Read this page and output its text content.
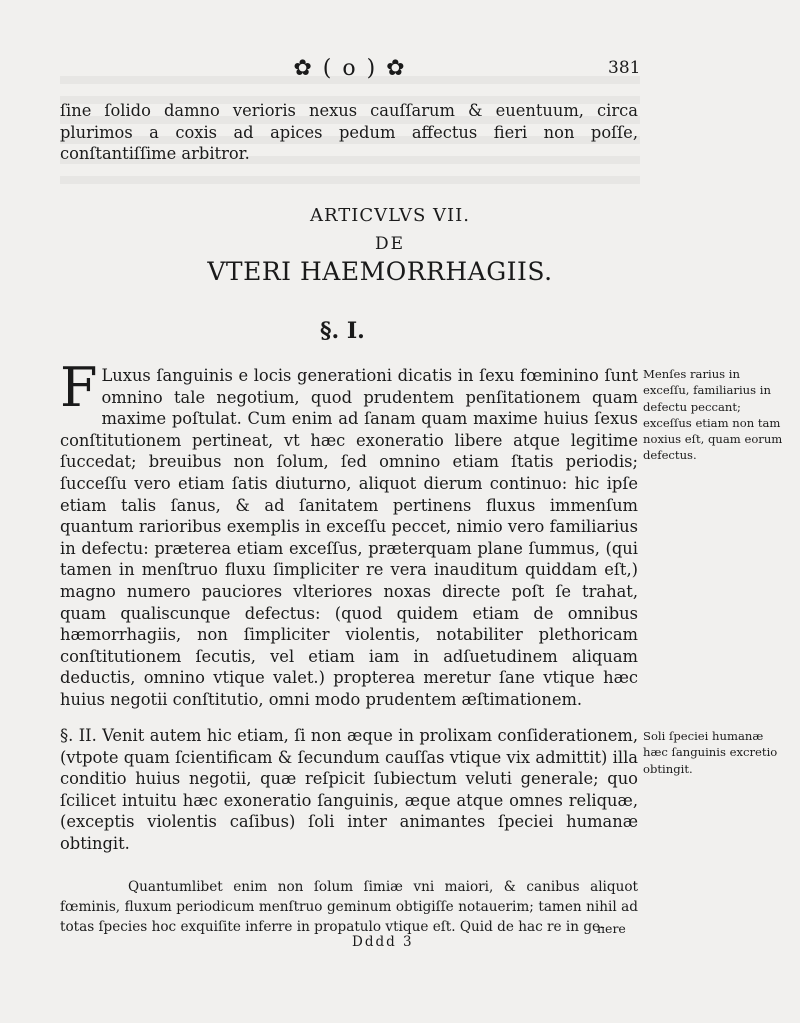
✿ ( o ) ✿	381

ſine ſolido damno verioris nexus cauſſarum & euentuum, circa plurimos a coxis ad apices pedum affectus fieri non poſſe, conſtantiſſime arbitror.

ARTICVLVS VII.
DE
VTERI HAEMORRHAGIIS.
§. I.

F Luxus ſanguinis e locis generationi dicatis in ſexu fœminino ſunt omnino tale negotium, quod prudentem penſitationem quam maxime poſtulat. Cum enim ad ſanam quam maxime huius ſexus conſtitutionem pertineat, vt hæc exoneratio libere atque legitime ſuccedat; breuibus non ſolum, ſed omnino etiam ſtatis periodis; ſucceſſu vero etiam ſatis diuturno, aliquot dierum continuo: hic ipſe etiam talis ſanus, & ad ſanitatem pertinens fluxus immenſum quantum rarioribus exemplis in exceſſu peccet, nimio vero familiarius in defectu: præterea etiam exceſſus, præterquam plane ſummus, (qui tamen in menſtruo fluxu ſimpliciter re vera inauditum quiddam eſt,) magno numero pauciores vlteriores noxas directe poſt ſe trahat, quam qualiscunque defectus: (quod quidem etiam de omnibus hæmorrhagiis, non ſimpliciter violentis, notabiliter plethoricam conſtitutionem ſecutis, vel etiam iam in adſuetudinem aliquam deductis, omnino vtique valet.) propterea meretur ſane vtique hæc huius negotii conſtitutio, omni modo prudentem æſtimationem.

§. II. Venit autem hic etiam, ſi non æque in prolixam conſiderationem, (vtpote quam ſcientificam & ſecundum cauſſas vtique vix admittit) illa conditio huius negotii, quæ reſpicit ſubiectum veluti generale; quo ſcilicet intuitu hæc exoneratio ſanguinis, æque atque omnes reliquæ, (exceptis violentis caſibus) ſoli inter animantes ſpeciei humanæ obtingit.

Menſes rarius in exceſſu, familiarius in defectu peccant; exceſſus etiam non tam noxius eſt, quam eorum defectus.
Soli ſpeciei humanæ hæc ſanguinis excretio obtingit.

Quantumlibet enim non ſolum ſimiæ vni maiori, & canibus aliquot fœminis, fluxum periodicum menſtruo geminum obtigiſſe notauerim; tamen nihil ad totas ſpecies hoc exquiſite inferre in propatulo vtique eſt. Quid de hac re in ge-

nere
Dddd 3
